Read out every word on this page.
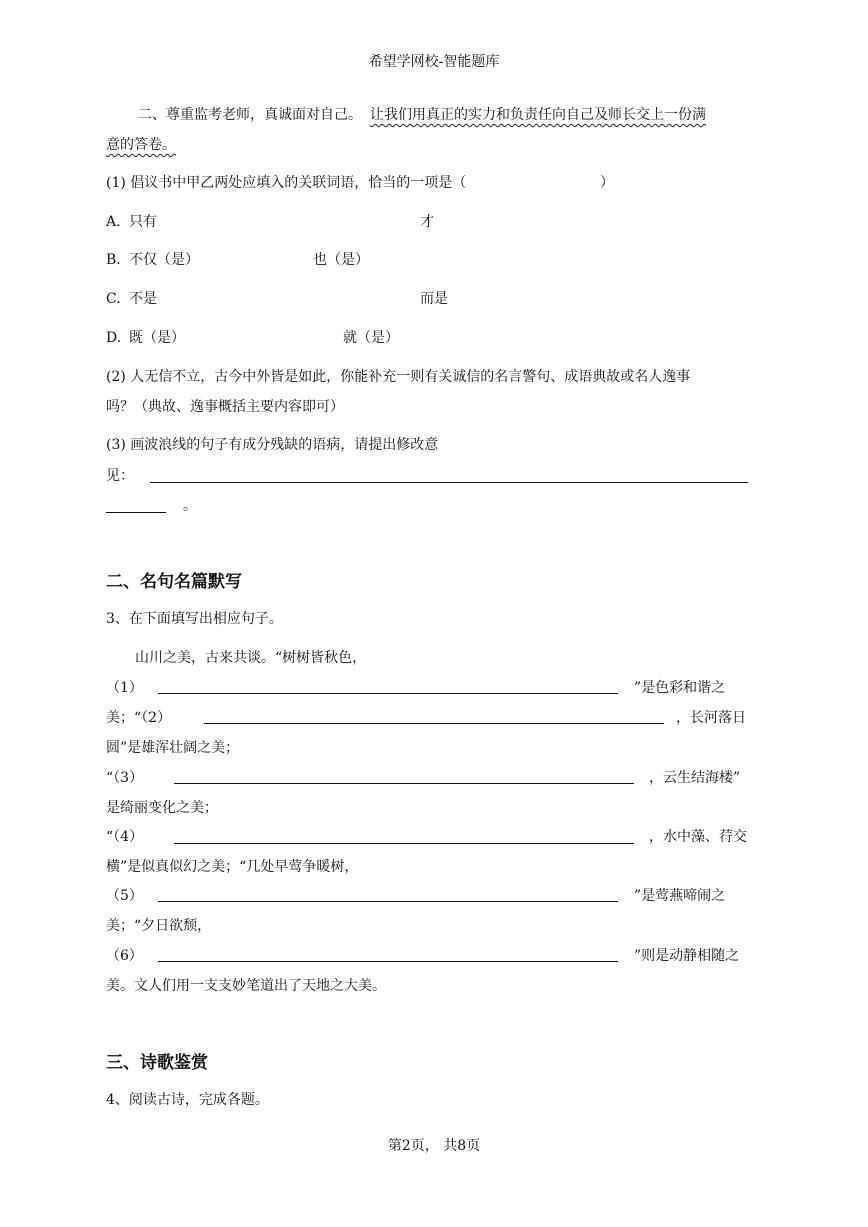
希望学网校-智能题库
二、尊重监考老师，真诚面对自己。 让我们用真正的实力和负责任向自己及师长交上一份满
意的答卷。
(1) 倡议书中甲乙两处应填入的关联词语，恰当的一项是（	）
A. 只有	才
B. 不仅（是）	也（是）
C. 不是	而是
D. 既（是）	就（是）
(2) 人无信不立，古今中外皆是如此，你能补充一则有关诚信的名言警句、成语典故或名人逸事
吗？（典故、逸事概括主要内容即可）
(3) 画波浪线的句子有成分残缺的语病，请提出修改意
见：
。
二、名句名篇默写
3、在下面填写出相应句子。
山川之美，古来共谈。“树树皆秋色，
（1）	”是色彩和谐之
美；“（2）	，长河落日
圆”是雄浑壮阔之美；
“（3）	，云生结海楼”
是绮丽变化之美；
“（4）	，水中藻、荇交
横”是似真似幻之美；“几处早莺争暖树，
（5）	”是莺燕啼闹之
美；“夕日欲颓，
（6）	”则是动静相随之
美。文人们用一支支妙笔道出了天地之大美。
三、诗歌鉴赏
4、阅读古诗，完成各题。
第2页， 共8页
